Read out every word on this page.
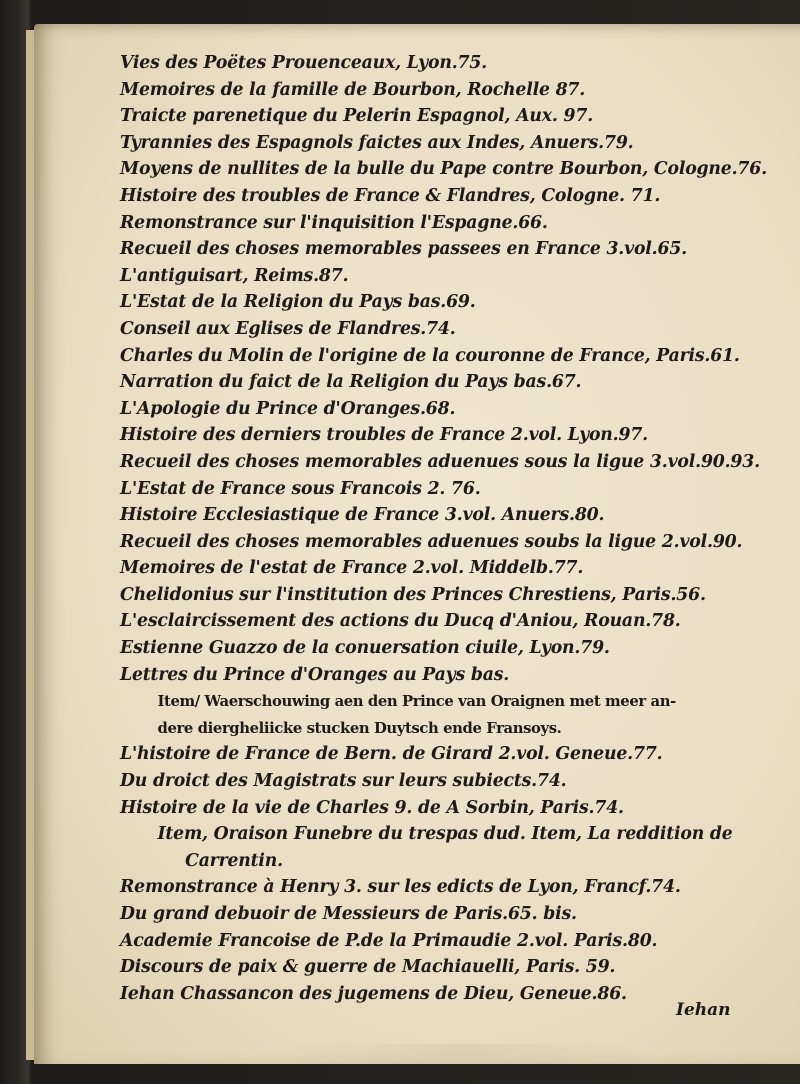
Vies des Poëtes Prouenceaux, Lyon.75.
Memoires de la famille de Bourbon, Rochelle 87.
Traicte parenetique du Pelerin Espagnol, Aux. 97.
Tyrannies des Espagnols faictes aux Indes, Anuers.79.
Moyens de nullites de la bulle du Pape contre Bourbon, Cologne.76.
Histoire des troubles de France & Flandres, Cologne. 71.
Remonstrance sur l'inquisition l'Espagne.66.
Recueil des choses memorables passees en France 3.vol.65.
L'antiguisart, Reims.87.
L'Estat de la Religion du Pays bas.69.
Conseil aux Eglises de Flandres.74.
Charles du Molin de l'origine de la couronne de France, Paris.61.
Narration du faict de la Religion du Pays bas.67.
L'Apologie du Prince d'Oranges.68.
Histoire des derniers troubles de France 2.vol. Lyon.97.
Recueil des choses memorables aduenues sous la ligue 3.vol.90.93.
L'Estat de France sous Francois 2. 76.
Histoire Ecclesiastique de France 3.vol. Anuers.80.
Recueil des choses memorables aduenues soubs la ligue 2.vol.90.
Memoires de l'estat de France 2.vol. Middelb.77.
Chelidonius sur l'institution des Princes Chrestiens, Paris.56.
L'esclaircissement des actions du Ducq d'Aniou, Rouan.78.
Estienne Guazzo de la conuersation ciuile, Lyon.79.
Lettres du Prince d'Oranges au Pays bas.
Item/ Waerschouwing aen den Prince van Oraignen met meer an-
dere diergheliicke stucken Duytsch ende Fransoys.
L'histoire de France de Bern. de Girard 2.vol. Geneue.77.
Du droict des Magistrats sur leurs subiects.74.
Histoire de la vie de Charles 9. de A Sorbin, Paris.74.
Item, Oraison Funebre du trespas dud. Item, La reddition de
Carrentin.
Remonstrance à Henry 3. sur les edicts de Lyon, Francf.74.
Du grand debuoir de Messieurs de Paris.65. bis.
Academie Francoise de P.de la Primaudie 2.vol. Paris.80.
Discours de paix & guerre de Machiauelli, Paris. 59.
Iehan Chassancon des jugemens de Dieu, Geneue.86.
Iehan
